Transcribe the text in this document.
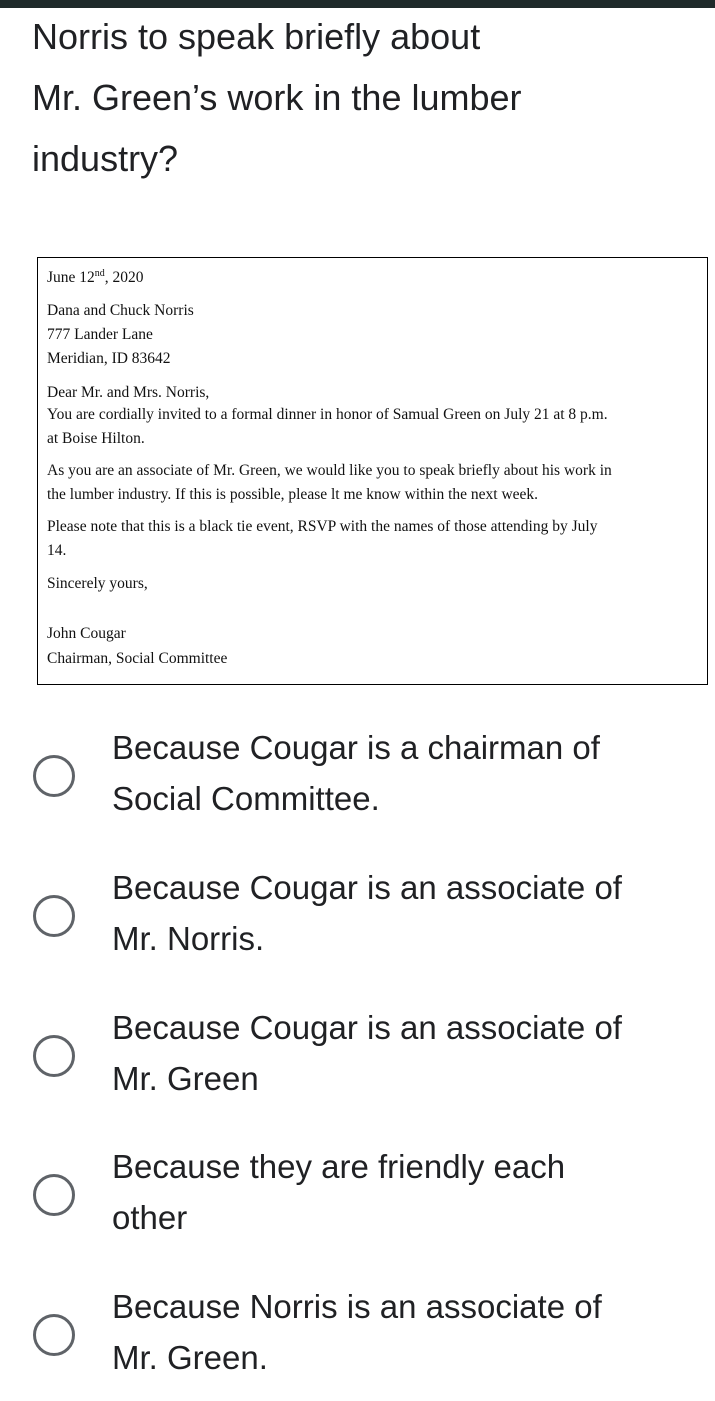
Norris to speak briefly about
Mr. Green’s work in the lumber
industry?
June 12nd, 2020
Dana and Chuck Norris
777 Lander Lane
Meridian, ID 83642
Dear Mr. and Mrs. Norris,
You are cordially invited to a formal dinner in honor of Samual Green on July 21 at 8 p.m.
at Boise Hilton.
As you are an associate of Mr. Green, we would like you to speak briefly about his work in
the lumber industry. If this is possible, please lt me know within the next week.
Please note that this is a black tie event, RSVP with the names of those attending by July
14.
Sincerely yours,
John Cougar
Chairman, Social Committee
Because Cougar is a chairman of
Social Committee.
Because Cougar is an associate of
Mr. Norris.
Because Cougar is an associate of
Mr. Green
Because they are friendly each
other
Because Norris is an associate of
Mr. Green.
